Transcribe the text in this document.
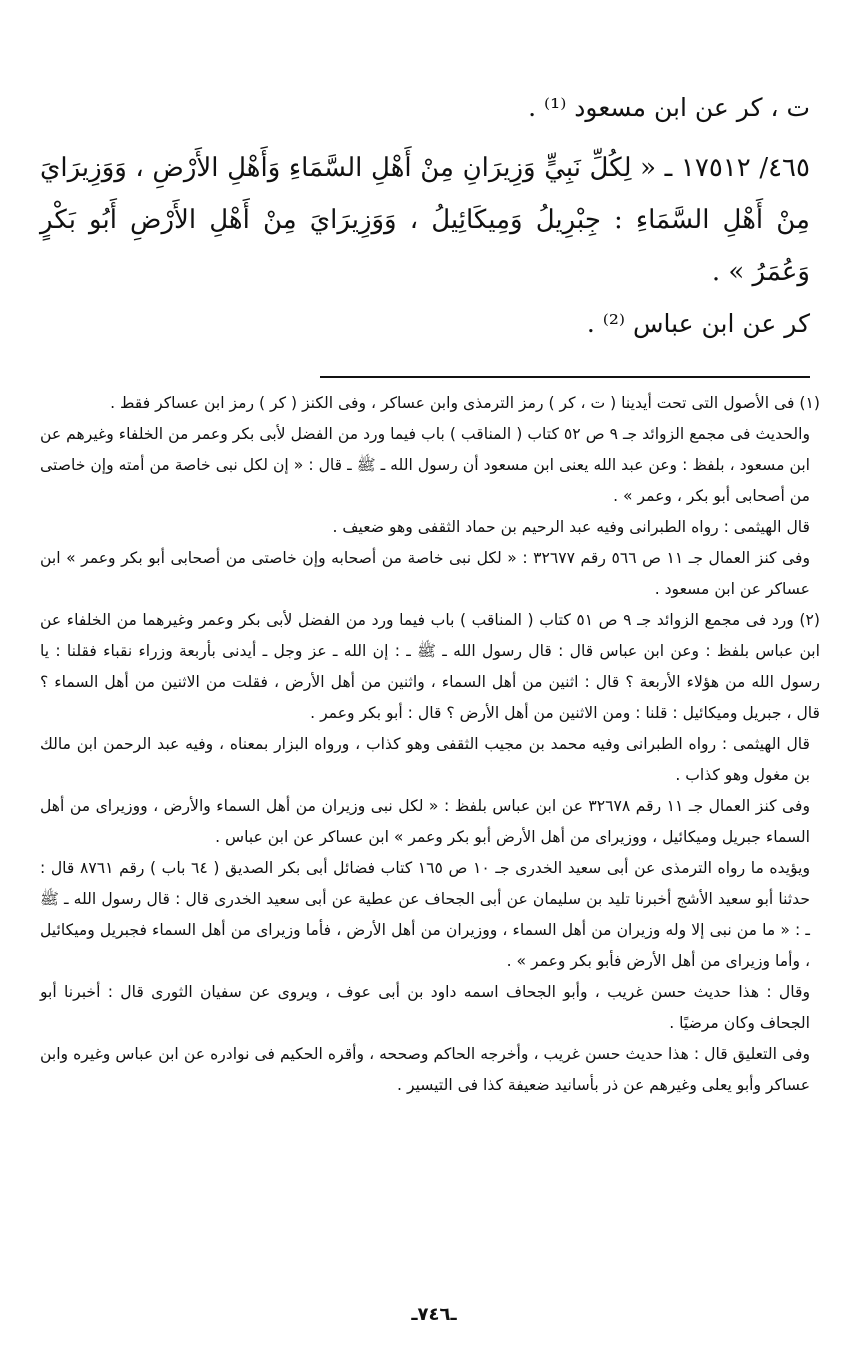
ت ، كر عن ابن مسعود ⁽¹⁾ .

٤٦٥/ ١٧٥١٢ ـ « لِكُلِّ نَبِيٍّ وَزِيرَانِ مِنْ أَهْلِ السَّمَاءِ وَأَهْلِ الأَرْضِ ، وَوَزِيرَايَ مِنْ أَهْلِ السَّمَاءِ : جِبْرِيلُ وَمِيكَائِيلُ ، وَوَزِيرَايَ مِنْ أَهْلِ الأَرْضِ أَبُو بَكْرٍ وَعُمَرُ » .

كر عن ابن عباس ⁽²⁾ .

(١) فى الأصول التى تحت أيدينا ( ت ، كر ) رمز الترمذى وابن عساكر ، وفى الكنز ( كر ) رمز ابن عساكر فقط .

والحديث فى مجمع الزوائد جـ ٩ ص ٥٢ كتاب ( المناقب ) باب فيما ورد من الفضل لأبى بكر وعمر من الخلفاء وغيرهم عن ابن مسعود ، بلفظ : وعن عبد الله يعنى ابن مسعود أن رسول الله ـ ﷺ ـ قال : « إن لكل نبى خاصة من أمته وإن خاصتى من أصحابى أبو بكر ، وعمر » .

قال الهيثمى : رواه الطبرانى وفيه عبد الرحيم بن حماد الثقفى وهو ضعيف .

وفى كنز العمال جـ ١١ ص ٥٦٦ رقم ٣٢٦٧٧ : « لكل نبى خاصة من أصحابه وإن خاصتى من أصحابى أبو بكر وعمر » ابن عساكر عن ابن مسعود .

(٢) ورد فى مجمع الزوائد جـ ٩ ص ٥١ كتاب ( المناقب ) باب فيما ورد من الفضل لأبى بكر وعمر وغيرهما من الخلفاء عن ابن عباس بلفظ : وعن ابن عباس قال : قال رسول الله ـ ﷺ ـ : إن الله ـ عز وجل ـ أيدنى بأربعة وزراء نقباء فقلنا : يا رسول الله من هؤلاء الأربعة ؟ قال : اثنين من أهل السماء ، واثنين من أهل الأرض ، فقلت من الاثنين من أهل السماء ؟ قال ، جبريل وميكائيل : قلنا : ومن الاثنين من أهل الأرض ؟ قال : أبو بكر وعمر .

قال الهيثمى : رواه الطبرانى وفيه محمد بن مجيب الثقفى وهو كذاب ، ورواه البزار بمعناه ، وفيه عبد الرحمن ابن مالك بن مغول وهو كذاب .

وفى كنز العمال جـ ١١ رقم ٣٢٦٧٨ عن ابن عباس بلفظ : « لكل نبى وزيران من أهل السماء والأرض ، ووزيراى من أهل السماء جبريل وميكائيل ، ووزيراى من أهل الأرض أبو بكر وعمر » ابن عساكر عن ابن عباس .

ويؤيده ما رواه الترمذى عن أبى سعيد الخدرى جـ ١٠ ص ١٦٥ كتاب فضائل أبى بكر الصديق ( ٦٤ باب ) رقم ٨٧٦١ قال : حدثنا أبو سعيد الأشج أخبرنا تليد بن سليمان عن أبى الجحاف عن عطية عن أبى سعيد الخدرى قال : قال رسول الله ـ ﷺ ـ : « ما من نبى إلا وله وزيران من أهل السماء ، ووزيران من أهل الأرض ، فأما وزيراى من أهل السماء فجبريل وميكائيل ، وأما وزيراى من أهل الأرض فأبو بكر وعمر » .

وقال : هذا حديث حسن غريب ، وأبو الجحاف اسمه داود بن أبى عوف ، ويروى عن سفيان الثورى قال : أخبرنا أبو الجحاف وكان مرضيًا .

وفى التعليق قال : هذا حديث حسن غريب ، وأخرجه الحاكم وصححه ، وأقره الحكيم فى نوادره عن ابن عباس وغيره وابن عساكر وأبو يعلى وغيرهم عن ذر بأسانيد ضعيفة كذا فى التيسير .

ـ٧٤٦ـ
